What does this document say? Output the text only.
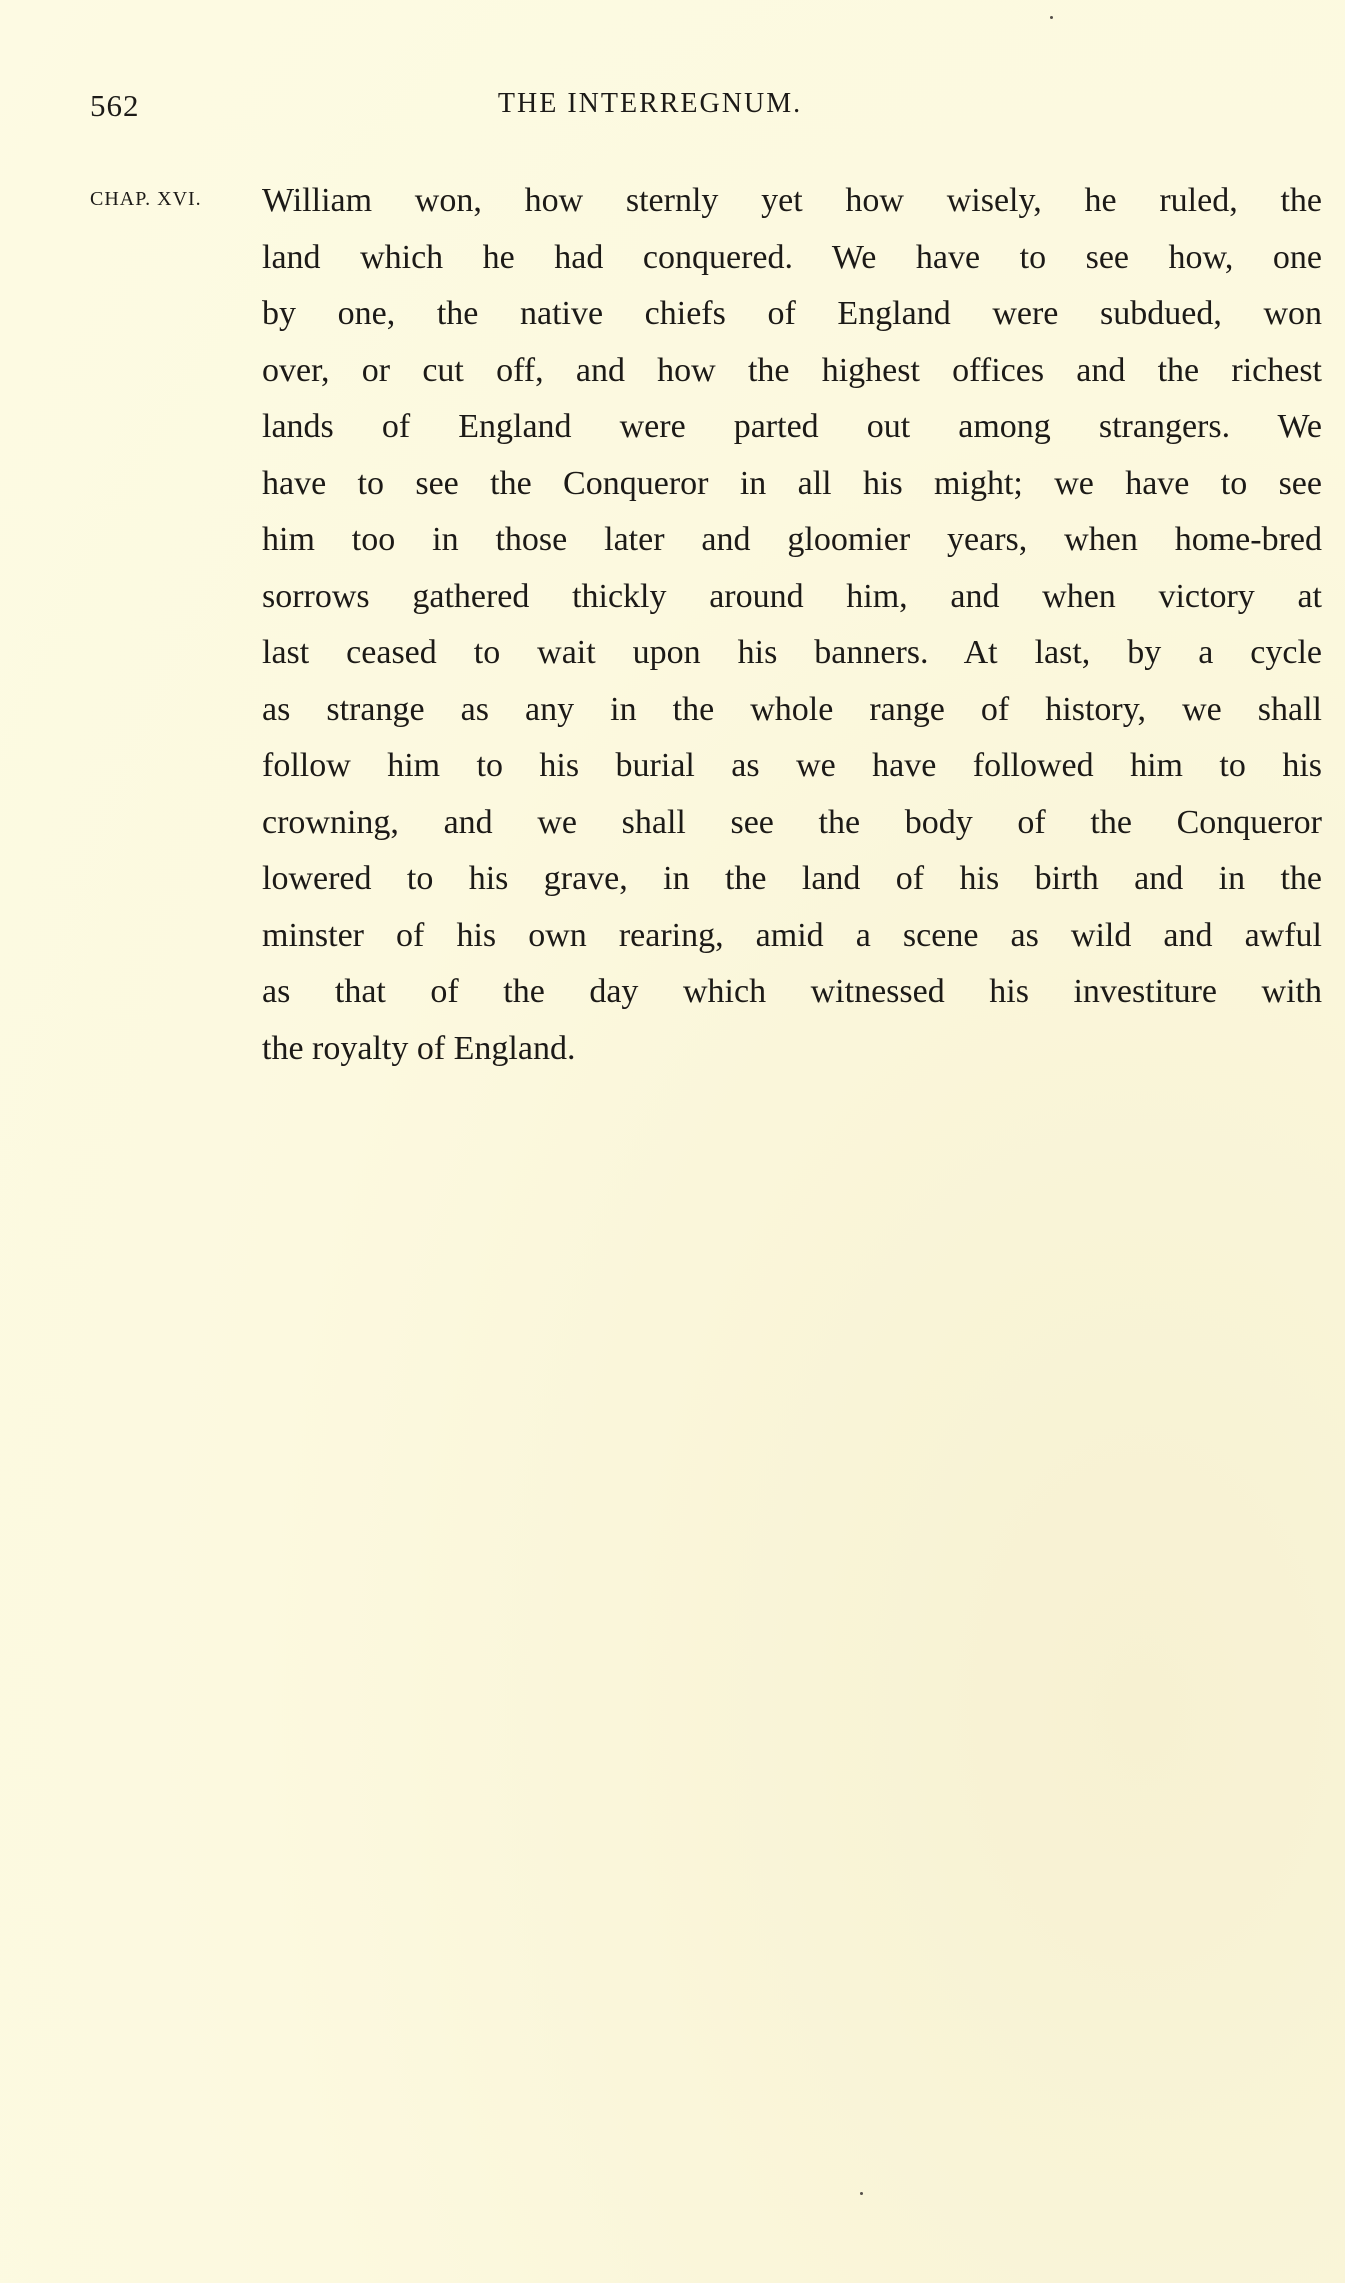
562	THE INTERREGNUM.
CHAP. XVI. William won, how sternly yet how wisely, he ruled, the
land which he had conquered. We have to see how, one
by one, the native chiefs of England were subdued, won
over, or cut off, and how the highest offices and the richest
lands of England were parted out among strangers. We
have to see the Conqueror in all his might; we have to see
him too in those later and gloomier years, when home-bred
sorrows gathered thickly around him, and when victory at
last ceased to wait upon his banners. At last, by a cycle
as strange as any in the whole range of history, we shall
follow him to his burial as we have followed him to his
crowning, and we shall see the body of the Conqueror
lowered to his grave, in the land of his birth and in the
minster of his own rearing, amid a scene as wild and awful
as that of the day which witnessed his investiture with
the royalty of England.
